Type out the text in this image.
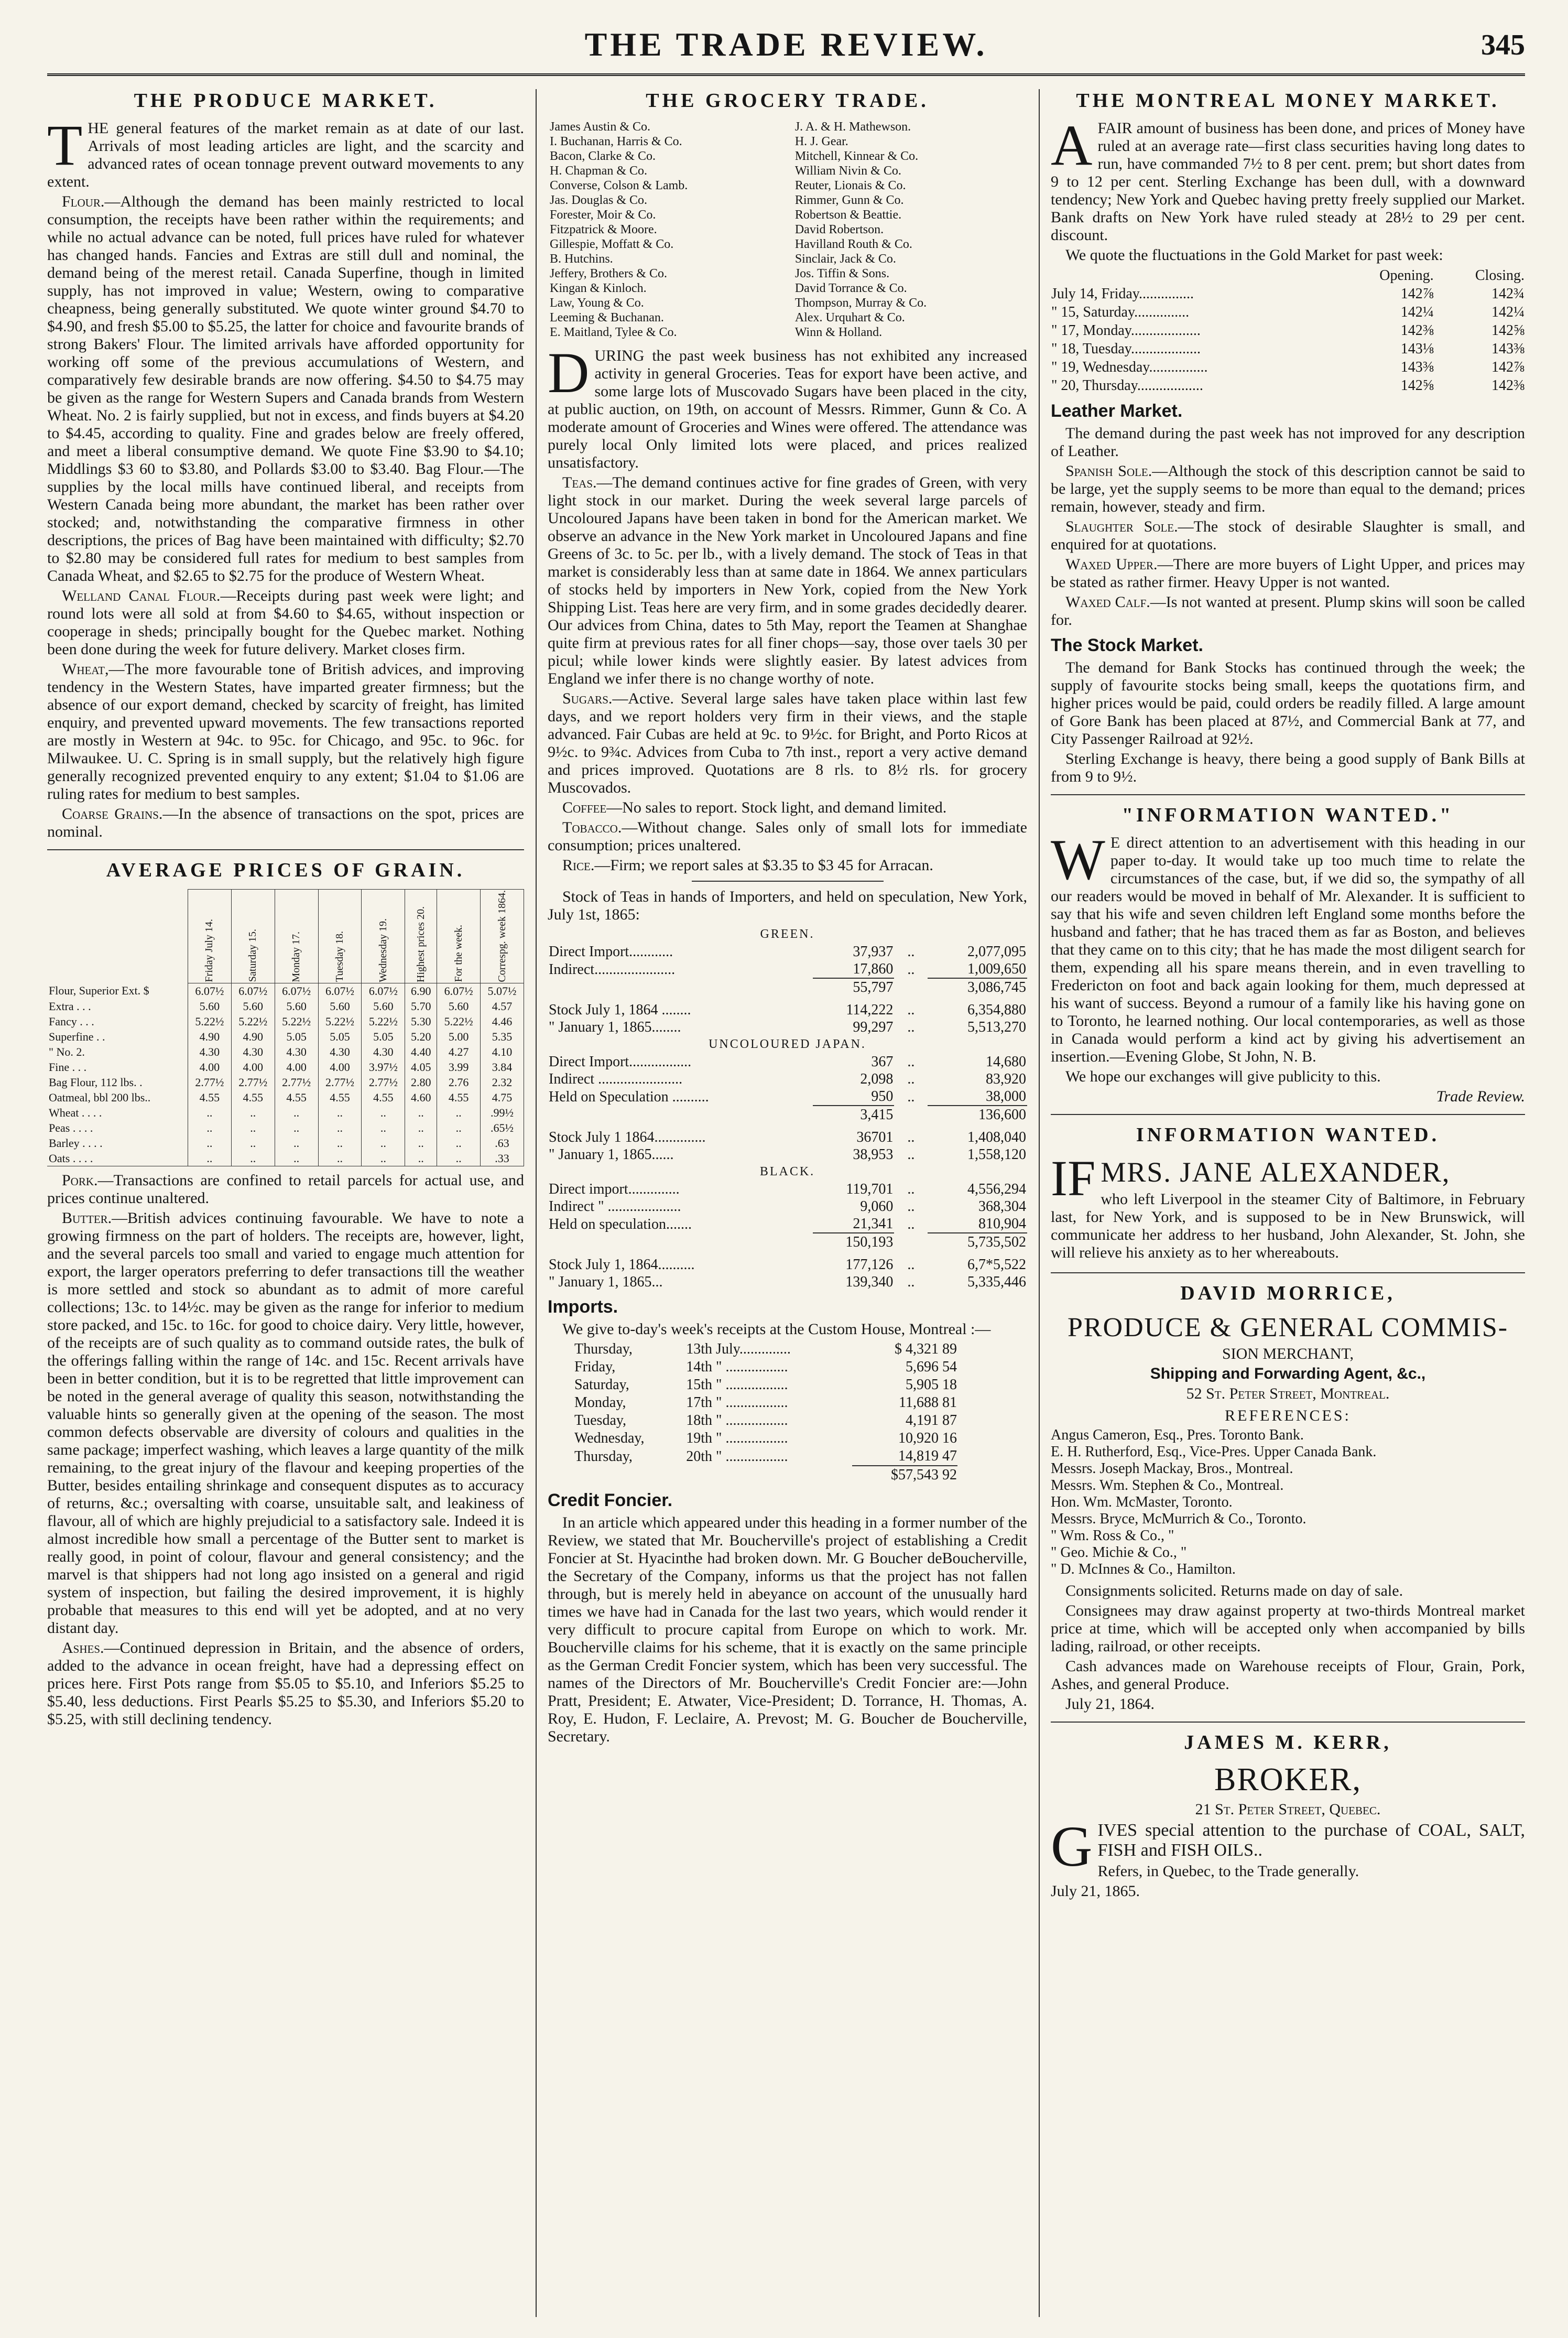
THE TRADE REVIEW.	345
THE PRODUCE MARKET.

THE general features of the market remain as at date of our last. Arrivals of most leading articles are light, and the scarcity and advanced rates of ocean tonnage prevent outward movements to any extent.

Flour.—Although the demand has been mainly restricted to local consumption, the receipts have been rather within the requirements; and while no actual advance can be noted, full prices have ruled for whatever has changed hands. Fancies and Extras are still dull and nominal, the demand being of the merest retail. Canada Superfine, though in limited supply, has not improved in value; Western, owing to comparative cheapness, being generally substituted. We quote winter ground $4.70 to $4.90, and fresh $5.00 to $5.25, the latter for choice and favourite brands of strong Bakers' Flour. The limited arrivals have afforded opportunity for working off some of the previous accumulations of Western, and comparatively few desirable brands are now offering. $4.50 to $4.75 may be given as the range for Western Supers and Canada brands from Western Wheat. No. 2 is fairly supplied, but not in excess, and finds buyers at $4.20 to $4.45, according to quality. Fine and grades below are freely offered, and meet a liberal consumptive demand. We quote Fine $3.90 to $4.10; Middlings $3 60 to $3.80, and Pollards $3.00 to $3.40. Bag Flour.—The supplies by the local mills have continued liberal, and receipts from Western Canada being more abundant, the market has been rather over stocked; and, notwithstanding the comparative firmness in other descriptions, the prices of Bag have been maintained with difficulty; $2.70 to $2.80 may be considered full rates for medium to best samples from Canada Wheat, and $2.65 to $2.75 for the produce of Western Wheat.

Welland Canal Flour.—Receipts during past week were light; and round lots were all sold at from $4.60 to $4.65, without inspection or cooperage in sheds; principally bought for the Quebec market. Nothing been done during the week for future delivery. Market closes firm.

Wheat,—The more favourable tone of British advices, and improving tendency in the Western States, have imparted greater firmness; but the absence of our export demand, checked by scarcity of freight, has limited enquiry, and prevented upward movements. The few transactions reported are mostly in Western at 94c. to 95c. for Chicago, and 95c. to 96c. for Milwaukee. U. C. Spring is in small supply, but the relatively high figure generally recognized prevented enquiry to any extent; $1.04 to $1.06 are ruling rates for medium to best samples.

Coarse Grains.—In the absence of transactions on the spot, prices are nominal.

AVERAGE PRICES OF GRAIN.

	Friday July 14.	Saturday 15.	Monday 17.	Tuesday 18.	Wednesday 19.	Highest prices 20.	For the week.	Correspg. week 1864.

Flour, Superior Ext. $	6.07½	6.07½	6.07½	6.07½	6.07½	6.90	6.07½	5.07½
Extra . . .	5.60	5.60	5.60	5.60	5.60	5.70	5.60	4.57
Fancy . . .	5.22½	5.22½	5.22½	5.22½	5.22½	5.30	5.22½	4.46
Superfine . .	4.90	4.90	5.05	5.05	5.05	5.20	5.00	5.35
" No. 2.	4.30	4.30	4.30	4.30	4.30	4.40	4.27	4.10
Fine . . .	4.00	4.00	4.00	4.00	3.97½	4.05	3.99	3.84
Bag Flour, 112 lbs. .	2.77½	2.77½	2.77½	2.77½	2.77½	2.80	2.76	2.32
Oatmeal, bbl 200 lbs..	4.55	4.55	4.55	4.55	4.55	4.60	4.55	4.75
Wheat . . . .	..	..	..	..	..	..	..	.99½
Peas . . . .	..	..	..	..	..	..	..	.65½
Barley . . . .	..	..	..	..	..	..	..	.63
Oats . . . .	..	..	..	..	..	..	..	.33

Pork.—Transactions are confined to retail parcels for actual use, and prices continue unaltered.

Butter.—British advices continuing favourable. We have to note a growing firmness on the part of holders. The receipts are, however, light, and the several parcels too small and varied to engage much attention for export, the larger operators preferring to defer transactions till the weather is more settled and stock so abundant as to admit of more careful collections; 13c. to 14½c. may be given as the range for inferior to medium store packed, and 15c. to 16c. for good to choice dairy. Very little, however, of the receipts are of such quality as to command outside rates, the bulk of the offerings falling within the range of 14c. and 15c. Recent arrivals have been in better condition, but it is to be regretted that little improvement can be noted in the general average of quality this season, notwithstanding the valuable hints so generally given at the opening of the season. The most common defects observable are diversity of colours and qualities in the same package; imperfect washing, which leaves a large quantity of the milk remaining, to the great injury of the flavour and keeping properties of the Butter, besides entailing shrinkage and consequent disputes as to accuracy of returns, &c.; oversalting with coarse, unsuitable salt, and leakiness of flavour, all of which are highly prejudicial to a satisfactory sale. Indeed it is almost incredible how small a percentage of the Butter sent to market is really good, in point of colour, flavour and general consistency; and the marvel is that shippers had not long ago insisted on a general and rigid system of inspection, but failing the desired improvement, it is highly probable that measures to this end will yet be adopted, and at no very distant day.

Ashes.—Continued depression in Britain, and the absence of orders, added to the advance in ocean freight, have had a depressing effect on prices here. First Pots range from $5.05 to $5.10, and Inferiors $5.25 to $5.40, less deductions. First Pearls $5.25 to $5.30, and Inferiors $5.20 to $5.25, with still declining tendency.

THE GROCERY TRADE.
James Austin & Co.	J. A. & H. Mathewson.
I. Buchanan, Harris & Co.	H. J. Gear.
Bacon, Clarke & Co.	Mitchell, Kinnear & Co.
H. Chapman & Co.	William Nivin & Co.
Converse, Colson & Lamb.	Reuter, Lionais & Co.
Jas. Douglas & Co.	Rimmer, Gunn & Co.
Forester, Moir & Co.	Robertson & Beattie.
Fitzpatrick & Moore.	David Robertson.
Gillespie, Moffatt & Co.	Havilland Routh & Co.
B. Hutchins.	Sinclair, Jack & Co.
Jeffery, Brothers & Co.	Jos. Tiffin & Sons.
Kingan & Kinloch.	David Torrance & Co.
Law, Young & Co.	Thompson, Murray & Co.
Leeming & Buchanan.	Alex. Urquhart & Co.
E. Maitland, Tylee & Co.	Winn & Holland.

DURING the past week business has not exhibited any increased activity in general Groceries. Teas for export have been active, and some large lots of Muscovado Sugars have been placed in the city, at public auction, on 19th, on account of Messrs. Rimmer, Gunn & Co. A moderate amount of Groceries and Wines were offered. The attendance was purely local Only limited lots were placed, and prices realized unsatisfactory.

Teas.—The demand continues active for fine grades of Green, with very light stock in our market. During the week several large parcels of Uncoloured Japans have been taken in bond for the American market. We observe an advance in the New York market in Uncoloured Japans and fine Greens of 3c. to 5c. per lb., with a lively demand. The stock of Teas in that market is considerably less than at same date in 1864. We annex particulars of stocks held by importers in New York, copied from the New York Shipping List. Teas here are very firm, and in some grades decidedly dearer. Our advices from China, dates to 5th May, report the Teamen at Shanghae quite firm at previous rates for all finer chops—say, those over taels 30 per picul; while lower kinds were slightly easier. By latest advices from England we infer there is no change worthy of note.

Sugars.—Active. Several large sales have taken place within last few days, and we report holders very firm in their views, and the staple advanced. Fair Cubas are held at 9c. to 9½c. for Bright, and Porto Ricos at 9½c. to 9¾c. Advices from Cuba to 7th inst., report a very active demand and prices improved. Quotations are 8 rls. to 8½ rls. for grocery Muscovados.

Coffee—No sales to report. Stock light, and demand limited.

Tobacco.—Without change. Sales only of small lots for immediate consumption; prices unaltered.

Rice.—Firm; we report sales at $3.35 to $3 45 for Arracan.

Stock of Teas in hands of Importers, and held on speculation, New York, July 1st, 1865:

GREEN.			
Direct Import............	37,937	..	2,077,095
Indirect......................	17,860	..	1,009,650
	55,797		3,086,745

Stock July 1, 1864 ........	114,222	..	6,354,880
" January 1, 1865........	99,297	..	5,513,270
UNCOLOURED JAPAN.			
Direct Import.................	367	..	14,680
Indirect .......................	2,098	..	83,920
Held on Speculation ..........	950	..	38,000
	3,415		136,600

Stock July 1 1864..............	36701	..	1,408,040
" January 1, 1865......	38,953	..	1,558,120
BLACK.			
Direct import..............	119,701	..	4,556,294
Indirect " ....................	9,060	..	368,304
Held on speculation.......	21,341	..	810,904
	150,193		5,735,502

Stock July 1, 1864..........	177,126	..	6,7*5,522
" January 1, 1865...	139,340	..	5,335,446
Imports.

We give to-day's week's receipts at the Custom House, Montreal :—

Thursday,	13th July..............	$ 4,321 89
Friday,	14th " .................	5,696 54
Saturday,	15th " .................	5,905 18
Monday,	17th " .................	11,688 81
Tuesday,	18th " .................	4,191 87
Wednesday,	19th " .................	10,920 16
Thursday,	20th " .................	14,819 47
		$57,543 92
Credit Foncier.

In an article which appeared under this heading in a former number of the Review, we stated that Mr. Boucherville's project of establishing a Credit Foncier at St. Hyacinthe had broken down. Mr. G Boucher deBoucherville, the Secretary of the Company, informs us that the project has not fallen through, but is merely held in abeyance on account of the unusually hard times we have had in Canada for the last two years, which would render it very difficult to procure capital from Europe on which to work. Mr. Boucherville claims for his scheme, that it is exactly on the same principle as the German Credit Foncier system, which has been very successful. The names of the Directors of Mr. Boucherville's Credit Foncier are:—John Pratt, President; E. Atwater, Vice-President; D. Torrance, H. Thomas, A. Roy, E. Hudon, F. Leclaire, A. Prevost; M. G. Boucher de Boucherville, Secretary.

THE MONTREAL MONEY MARKET.

AFAIR amount of business has been done, and prices of Money have ruled at an average rate—first class securities having long dates to run, have commanded 7½ to 8 per cent. prem; but short dates from 9 to 12 per cent. Sterling Exchange has been dull, with a downward tendency; New York and Quebec having pretty freely supplied our Market. Bank drafts on New York have ruled steady at 28½ to 29 per cent. discount.

We quote the fluctuations in the Gold Market for past week:

	Opening.	Closing.
July 14, Friday...............	142⅞	142¾
" 15, Saturday...............	142¼	142¼
" 17, Monday...................	142⅜	142⅝
" 18, Tuesday...................	143⅛	143⅜
" 19, Wednesday................	143⅜	142⅞
" 20, Thursday..................	142⅝	142⅜
Leather Market.

The demand during the past week has not improved for any description of Leather.

Spanish Sole.—Although the stock of this description cannot be said to be large, yet the supply seems to be more than equal to the demand; prices remain, however, steady and firm.

Slaughter Sole.—The stock of desirable Slaughter is small, and enquired for at quotations.

Waxed Upper.—There are more buyers of Light Upper, and prices may be stated as rather firmer. Heavy Upper is not wanted.

Waxed Calf.—Is not wanted at present. Plump skins will soon be called for.

The Stock Market.

The demand for Bank Stocks has continued through the week; the supply of favourite stocks being small, keeps the quotations firm, and higher prices would be paid, could orders be readily filled. A large amount of Gore Bank has been placed at 87½, and Commercial Bank at 77, and City Passenger Railroad at 92½.

Sterling Exchange is heavy, there being a good supply of Bank Bills at from 9 to 9½.

"INFORMATION WANTED."

W E direct attention to an advertisement with this heading in our paper to-day. It would take up too much time to relate the circumstances of the case, but, if we did so, the sympathy of all our readers would be moved in behalf of Mr. Alexander. It is sufficient to say that his wife and seven children left England some months before the husband and father; that he has traced them as far as Boston, and believes that they came on to this city; that he has made the most diligent search for them, expending all his spare means therein, and in even travelling to Fredericton on foot and back again looking for them, much depressed at his want of success. Beyond a rumour of a family like his having gone on to Toronto, he learned nothing. Our local contemporaries, as well as those in Canada would perform a kind act by giving his advertisement an insertion.—Evening Globe, St John, N. B.

We hope our exchanges will give publicity to this.

Trade Review.

INFORMATION WANTED.
IF MRS. JANE ALEXANDER,

who left Liverpool in the steamer City of Baltimore, in February last, for New York, and is supposed to be in New Brunswick, will communicate her address to her husband, John Alexander, St. John, she will relieve his anxiety as to her whereabouts.

DAVID MORRICE,
PRODUCE & GENERAL COMMIS-

SION MERCHANT,

Shipping and Forwarding Agent, &c.,

52 St. Peter Street, Montreal.

REFERENCES:

Angus Cameron, Esq., Pres. Toronto Bank.

E. H. Rutherford, Esq., Vice-Pres. Upper Canada Bank.

Messrs. Joseph Mackay, Bros., Montreal.

Messrs. Wm. Stephen & Co., Montreal.

Hon. Wm. McMaster, Toronto.

Messrs. Bryce, McMurrich & Co., Toronto.

" Wm. Ross & Co., "

" Geo. Michie & Co., "

" D. McInnes & Co., Hamilton.

Consignments solicited. Returns made on day of sale.

Consignees may draw against property at two-thirds Montreal market price at time, which will be accepted only when accompanied by bills lading, railroad, or other receipts.

Cash advances made on Warehouse receipts of Flour, Grain, Pork, Ashes, and general Produce.

July 21, 1864.

JAMES M. KERR,
BROKER,

21 St. Peter Street, Quebec.

GIVES special attention to the purchase of COAL, SALT, FISH and FISH OILS..

Refers, in Quebec, to the Trade generally.

July 21, 1865.
